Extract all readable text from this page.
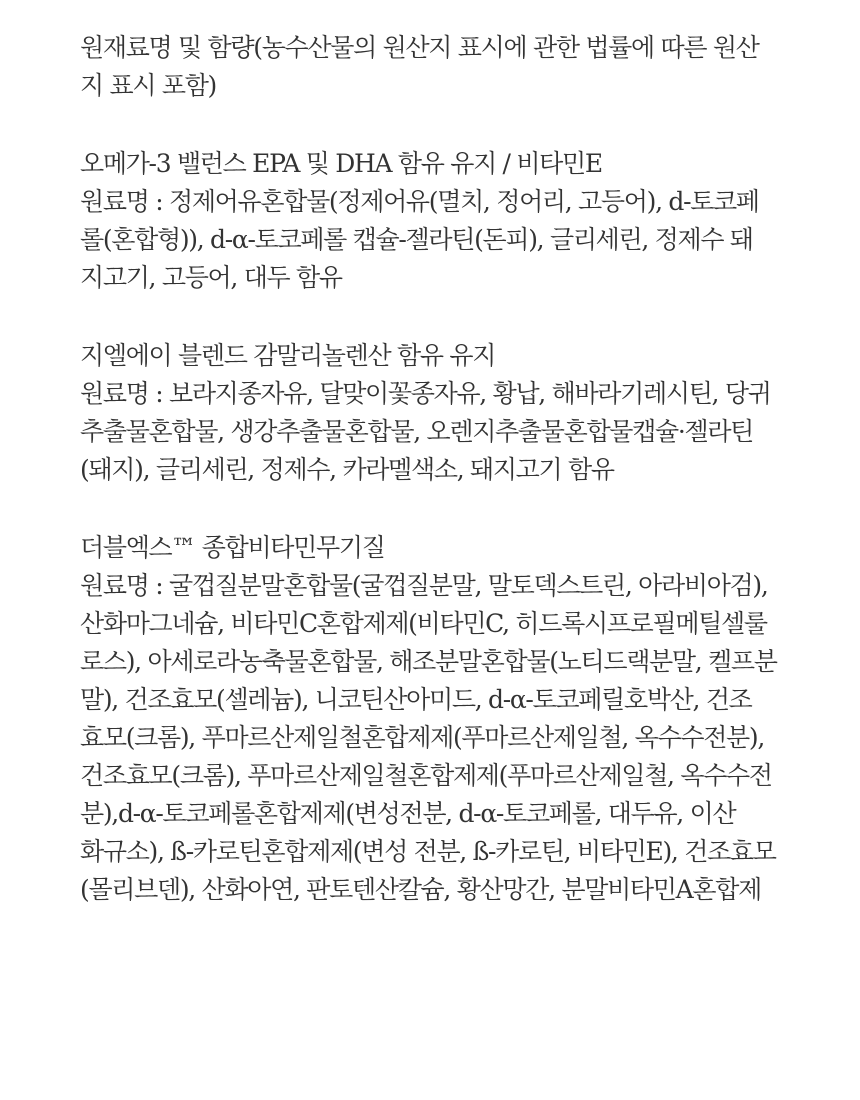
원재료명 및 함량(농수산물의 원산지 표시에 관한 법률에 따른 원산
지 표시 포함)
오메가-3 밸런스 EPA 및 DHA 함유 유지 / 비타민E
원료명 : 정제어유혼합물(정제어유(멸치, 정어리, 고등어), d-토코페
롤(혼합형)), d-α-토코페롤 캡슐-젤라틴(돈피), 글리세린, 정제수 돼
지고기, 고등어, 대두 함유
지엘에이 블렌드 감말리놀렌산 함유 유지
원료명 : 보라지종자유, 달맞이꽃종자유, 황납, 해바라기레시틴, 당귀
추출물혼합물, 생강추출물혼합물, 오렌지추출물혼합물캡슐·젤라틴
(돼지), 글리세린, 정제수, 카라멜색소, 돼지고기 함유
더블엑스™ 종합비타민무기질
원료명 : 굴껍질분말혼합물(굴껍질분말, 말토덱스트린, 아라비아검),
산화마그네슘, 비타민C혼합제제(비타민C, 히드록시프로필메틸셀룰
로스), 아세로라농축물혼합물, 해조분말혼합물(노티드랙분말, 켈프분
말), 건조효모(셀레늄), 니코틴산아미드, d-α-토코페릴호박산, 건조
효모(크롬), 푸마르산제일철혼합제제(푸마르산제일철, 옥수수전분),
건조효모(크롬), 푸마르산제일철혼합제제(푸마르산제일철, 옥수수전
분),d-α-토코페롤혼합제제(변성전분, d-α-토코페롤, 대두유, 이산
화규소), ß-카로틴혼합제제(변성 전분, ß-카로틴, 비타민E), 건조효모
(몰리브덴), 산화아연, 판토텐산칼슘, 황산망간, 분말비타민A혼합제
